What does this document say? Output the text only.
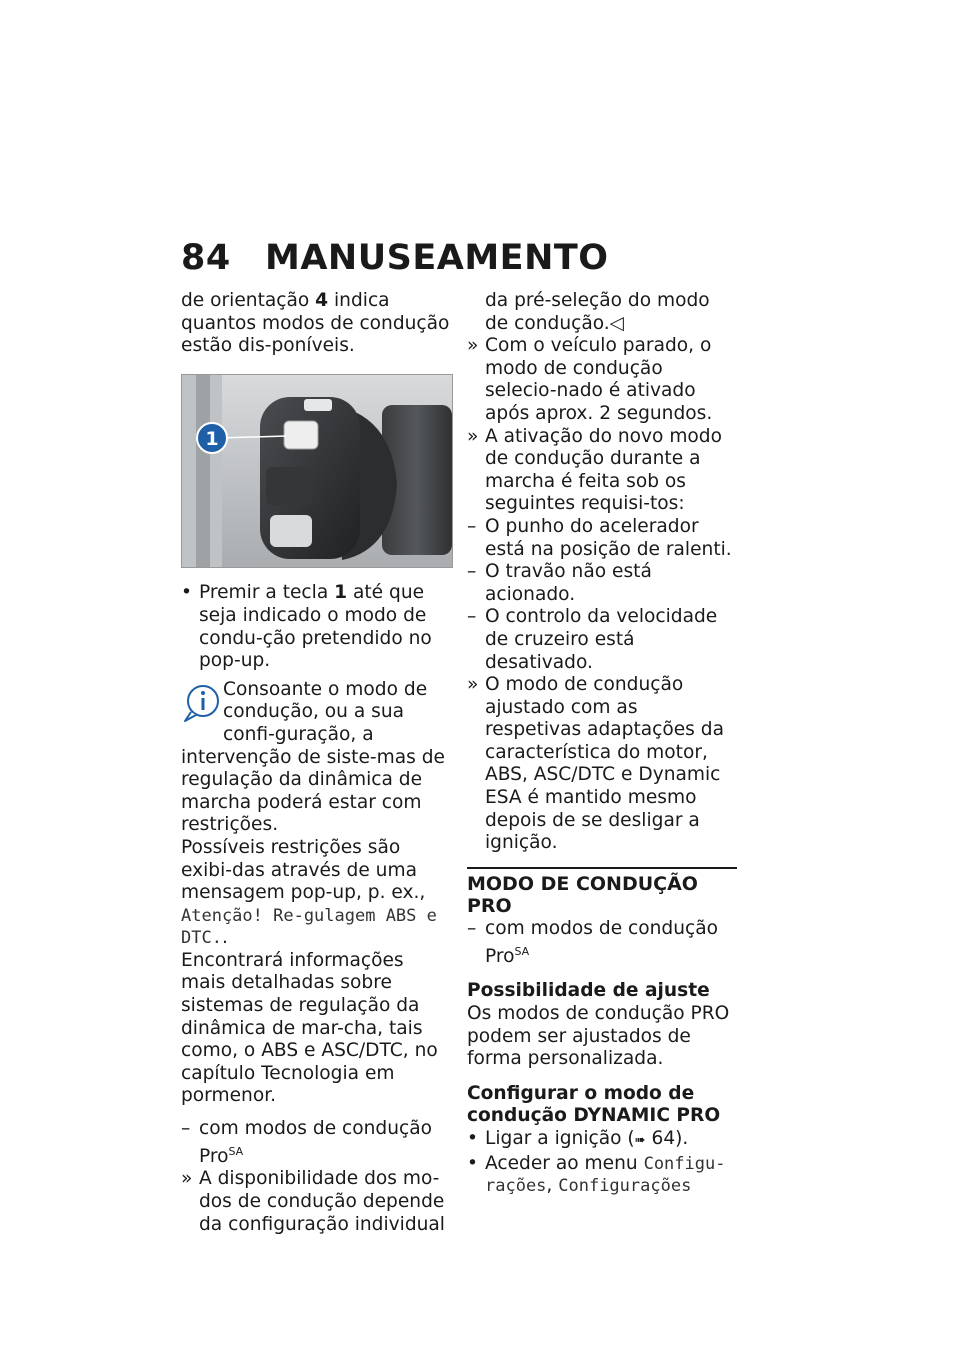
84 MANUSEAMENTO

de orientação 4 indica quantos modos de condução estão dis-poníveis.

1
• Premir a tecla 1 até que seja indicado o modo de condu-ção pretendido no pop-up.

Consoante o modo de condução, ou a sua confi-guração, a intervenção de siste-mas de regulação da dinâmica de marcha poderá estar com restrições.

Possíveis restrições são exibi-das através de uma mensagem pop-up, p. ex., Atenção! Re-gulagem ABS e DTC..

Encontrará informações mais detalhadas sobre sistemas de regulação da dinâmica de mar-cha, tais como, o ABS e ASC/DTC, no capítulo Tecnologia em pormenor.

– com modos de condução Pro$^{SA}$
» A disponibilidade dos mo-dos de condução depende da configuração individual
da pré-seleção do modo de condução.◁
» Com o veículo parado, o modo de condução selecio-nado é ativado após aprox. 2 segundos.
» A ativação do novo modo de condução durante a marcha é feita sob os seguintes requisi-tos:
– O punho do acelerador está na posição de ralenti.
– O travão não está acionado.
– O controlo da velocidade de cruzeiro está desativado.
» O modo de condução ajustado com as respetivas adaptações da característica do motor, ABS, ASC/DTC e Dynamic ESA é mantido mesmo depois de se desligar a ignição.
MODO DE CONDUÇÃO PRO
– com modos de condução Pro$^{SA}$
Possibilidade de ajuste

Os modos de condução PRO podem ser ajustados de forma personalizada.

Configurar o modo de condução DYNAMIC PRO
• Ligar a ignição (➠ 64).
• Aceder ao menu Configu-rações, Configurações
